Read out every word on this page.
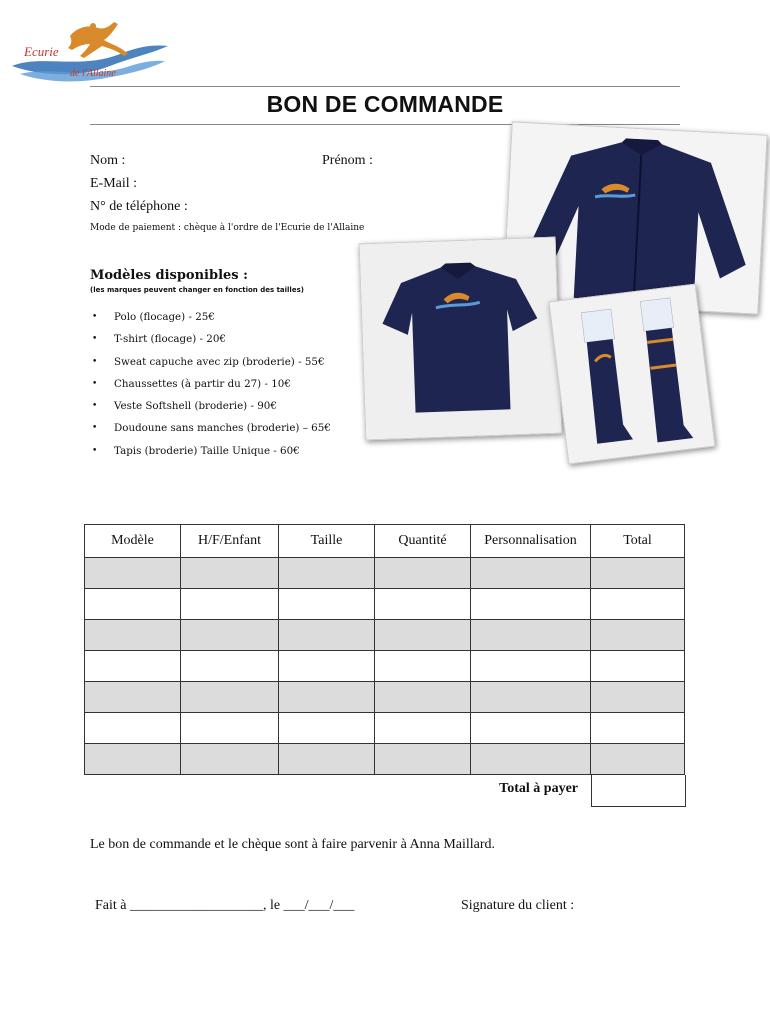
Ecurie
de l'Allaine
BON DE COMMANDE
Nom :	Prénom :
E-Mail :
N° de téléphone :
Mode de paiement : chèque à l'ordre de l'Ecurie de l'Allaine
Modèles disponibles :
(les marques peuvent changer en fonction des tailles)
• Polo (flocage) - 25€
• T-shirt (flocage) - 20€
• Sweat capuche avec zip (broderie) - 55€
• Chaussettes (à partir du 27) - 10€
• Veste Softshell (broderie) - 90€
• Doudoune sans manches (broderie) – 65€
• Tapis (broderie) Taille Unique - 60€
Modèle	H/F/Enfant	Taille	Quantité	Personnalisation	Total

Total à payer
Le bon de commande et le chèque sont à faire parvenir à Anna Maillard.
Fait à ___________________, le ___/___/___	Signature du client :
